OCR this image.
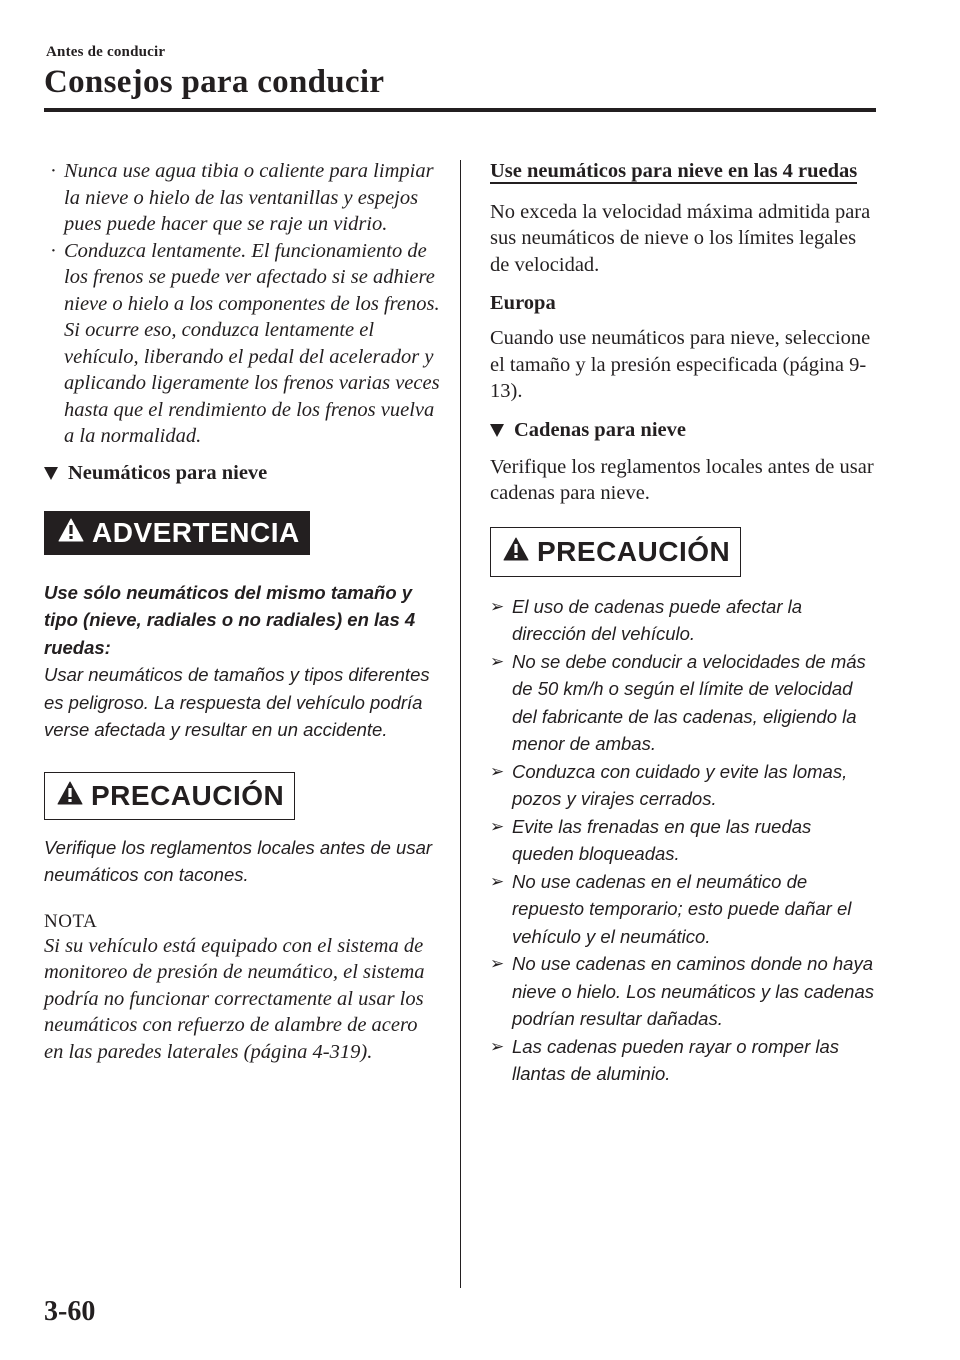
Antes de conducir
Consejos para conducir
· Nunca use agua tibia o caliente para limpiar la nieve o hielo de las ventanillas y espejos pues puede hacer que se raje un vidrio.
· Conduzca lentamente. El funcionamiento de los frenos se puede ver afectado si se adhiere nieve o hielo a los componentes de los frenos. Si ocurre eso, conduzca lentamente el vehículo, liberando el pedal del acelerador y aplicando ligeramente los frenos varias veces hasta que el rendimiento de los frenos vuelva a la normalidad.
Neumáticos para nieve
ADVERTENCIA
Use sólo neumáticos del mismo tamaño y tipo (nieve, radiales o no radiales) en las 4 ruedas:
Usar neumáticos de tamaños y tipos diferentes es peligroso. La respuesta del vehículo podría verse afectada y resultar en un accidente.
PRECAUCIÓN
Verifique los reglamentos locales antes de usar neumáticos con tacones.
NOTA
Si su vehículo está equipado con el sistema de monitoreo de presión de neumático, el sistema podría no funcionar correctamente al usar los neumáticos con refuerzo de alambre de acero en las paredes laterales (página 4-319).
Use neumáticos para nieve en las 4 ruedas
No exceda la velocidad máxima admitida para sus neumáticos de nieve o los límites legales de velocidad.
Europa
Cuando use neumáticos para nieve, seleccione el tamaño y la presión especificada (página 9-13).
Cadenas para nieve
Verifique los reglamentos locales antes de usar cadenas para nieve.
PRECAUCIÓN
➢ El uso de cadenas puede afectar la dirección del vehículo.
➢ No se debe conducir a velocidades de más de 50 km/h o según el límite de velocidad del fabricante de las cadenas, eligiendo la menor de ambas.
➢ Conduzca con cuidado y evite las lomas, pozos y virajes cerrados.
➢ Evite las frenadas en que las ruedas queden bloqueadas.
➢ No use cadenas en el neumático de repuesto temporario; esto puede dañar el vehículo y el neumático.
➢ No use cadenas en caminos donde no haya nieve o hielo. Los neumáticos y las cadenas podrían resultar dañadas.
➢ Las cadenas pueden rayar o romper las llantas de aluminio.
3-60
